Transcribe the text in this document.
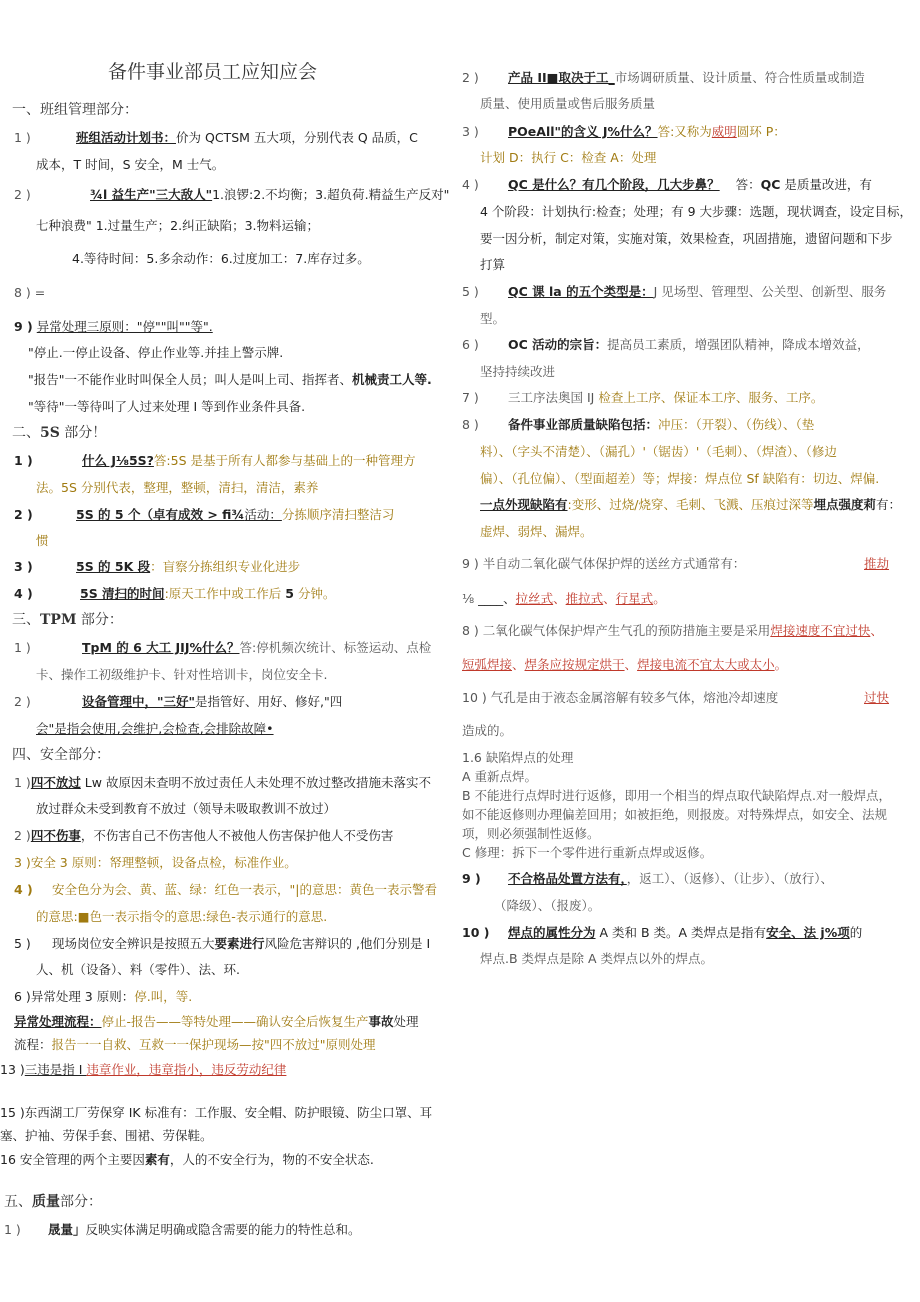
备件事业部员工应知应会
一、班组管理部分：
1 )	班组活动计划书：价为 QCTSM 五大项，分别代表 Q 品质，C
成本，T 时间，S 安全，M 士气。
2 )	¾l 益生产"三大敌人"1.浪锣:2.不均衡；3.超负荷.精益生产反对"
七种浪费" 1.过量生产；2.纠正缺陷；3.物料运输；
4.等待时间：5.多余动作：6.过度加工：7.库存过多。
8 ) =
9 ) 异常处理三原则："停""叫""等".
"停止.一停止设备、停止作业等.并挂上警示牌.
"报告"一不能作业时叫保全人员；叫人是叫上司、指挥者、机械责工人等.
"等待"一等待叫了人过来处理 I 等到作业条件具备.
二、5S 部分！
1 )	什么 J⅛5S?答:5S 是基于所有人都参与基础上的一种管理方
法。5S 分别代表，整理，整顿，清扫，清洁，素养
2 )	5S 的 5 个（卓有成效 > fi¾活动：分拣顺序清扫整洁习
惯
3 )	5S 的 5K 段：盲察分拣组织专业化进步
4 )	5S 清扫的时间:原天工作中或工作后 5 分钟。
三、TPM 部分：
1 )	TpM 的 6 大工 JIJ%什么？答:停机频次统计、标签运动、点检
卡、操作工初级维护卡、针对性培训卡，岗位安全卡.
2 )	设备管理中，"三好"是指管好、用好、修好,"四
会"是指会使用,会维护,会检查,会排除故障•
四、安全部分：
1 )四不放过 Lw 故原因未查明不放过责任人未处理不放过整改措施未落实不
放过群众未受到教育不放过（领导未吸取教训不放过）
2 )四不伤事，不伤害自己不伤害他人不被他人伤害保护他人不受伤害
3 )安全 3 原则：帑理整顿，设备点检，标准作业。
4 ) 安全色分为会、黄、蓝、绿：红色一表示，"|的意思：黄色一表示警看
的意思:■色一表示指令的意思:绿色-表示通行的意思.
5 ) 现场岗位安全辨识是按照五大要素进行风险危害辩识的 ,他们分别是 I
人、机（设备）、料（零件）、法、环.
6 )异常处理 3 原则：停.叫，等.
异常处理流程：停止-报告——等特处理——确认安全后恢复生产事故处理
流程：报告一一自救、互救一一保护现场—按"四不放过"原则处理
13 )三违是指 I 违章作业，违章指小，违反劳动纪律
15 )东西湖工厂劳保穿 IK 标准有：工作服、安全帽、防护眼镜、防尘口罩、耳
塞、护袖、劳保手套、围裙、劳保鞋。
16 安全管理的两个主要因素有，人的不安全行为，物的不安全状态.
五、质量部分：
1 ) 晟量」反映实体满足明确或隐含需要的能力的特性总和。
2 ) 产品 II■取决于工_市场调研质量、设计质量、符合性质量或制造
质量、使用质量或售后服务质量
3 ) POeAll"的含义 J%什么？答:又称为威明圆环 P：
计划 D：执行 C：检查 A：处理
4 ) QC 是什么？有几个阶段，几大步鼻？ 答：QC 是质量改进，有
4 个阶段：计划执行:检查；处理；有 9 大步骤：选题，现状调查，设定目标，
要一因分析，制定对策，实施对策，效果检查，巩固措施，遗留问题和下步
打算
5 ) QC 课 la 的五个类型是：J 见场型、管理型、公关型、创新型、服务
型。
6 ) OC 活动的宗旨：提高员工素质，增强团队精神，降成本增效益，
坚持持续改进
7 ) 三工序法奥国 IJ 检查上工序、保证本工序、服务、工序。
8 ) 备件事业部质量缺陷包括：冲压：（开裂）、（伤线）、（垫
料）、（字头不清楚）、（漏孔）'（锯齿）'（毛刺）、（焊渣）、（修边
偏）、（孔位偏）、（型面超差）等；焊接：焊点位 Sf 缺陷有：切边、焊偏.
一点外现缺陷有:变形、过烧/烧穿、毛刺、飞溅、压痕过深等埋点强度莉有：
虚焊、弱焊、漏焊。
9 ) 半自动二氧化碳气体保护焊的送丝方式通常有：	推劫
⅛ ____、拉丝式、推拉式、行星式。
8 ) 二氧化碳气体保护焊产生气孔的预防措施主要是采用焊接速度不宜过快、
短弧焊接、焊条应按规定烘干、焊接电流不宜太大或太小。
10 ) 气孔是由于液态金属溶解有较多气体，熔池冷却速度	过快
造成的。
1.6 缺陷焊点的处理
A 重新点焊。
B 不能进行点焊时进行返修，即用一个相当的焊点取代缺陷焊点.对一般焊点，
如不能返修则办理偏差回用；如被拒绝，则报废。对特殊焊点，如安全、法规
项，则必须强制性返修。
C 修理：拆下一个零件进行重新点焊或返修。
9 ) 不合格品处置方法有，，返工）、（返修）、（让步）、（放行）、
（降级）、（报废）。
10 ) 焊点的属性分为 A 类和 B 类。A 类焊点是指有安全、法 j%项的
焊点.B 类焊点是除 A 类焊点以外的焊点。
